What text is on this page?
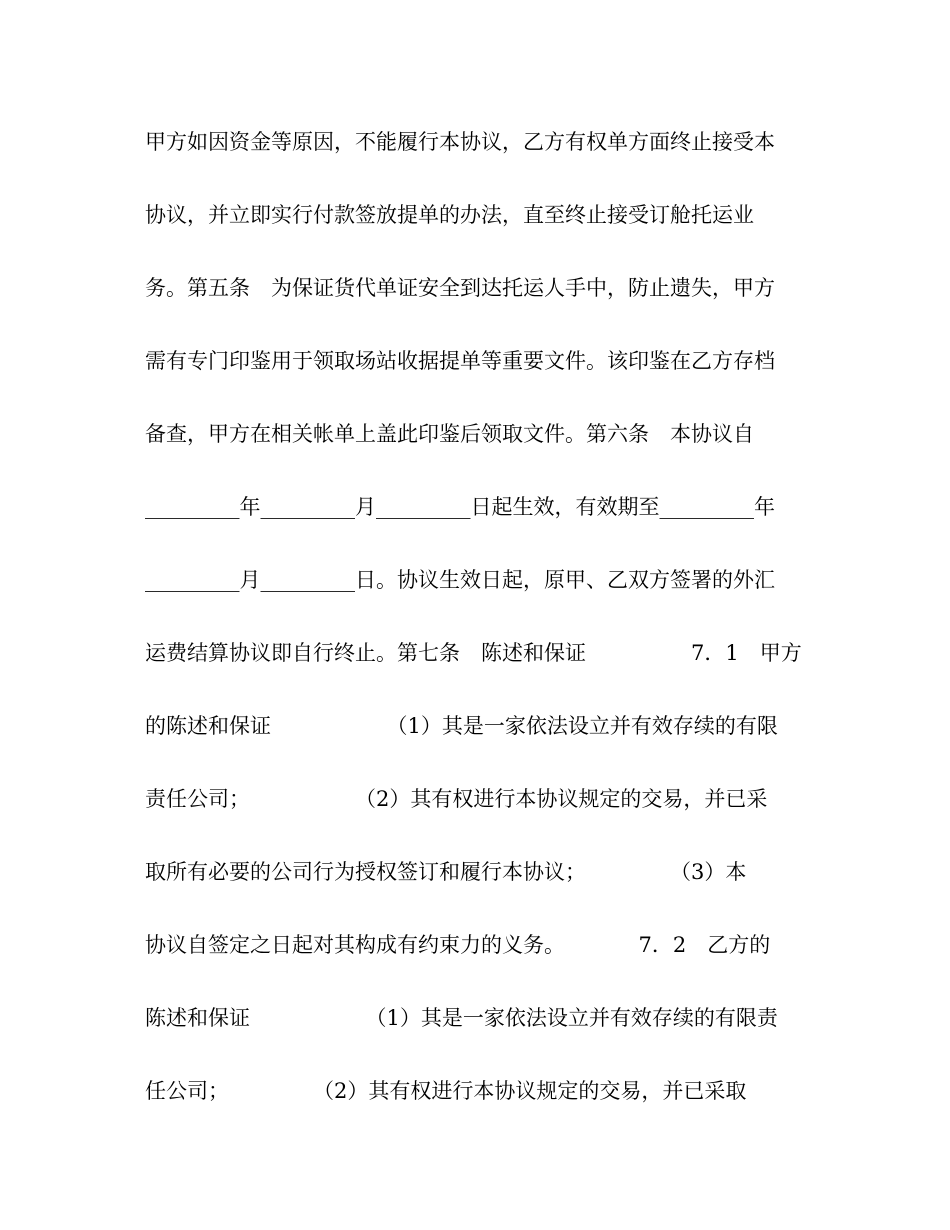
甲方如因资金等原因，不能履行本协议，乙方有权单方面终止接受本
协议，并立即实行付款签放提单的办法，直至终止接受订舱托运业
务。第五条　为保证货代单证安全到达托运人手中，防止遗失，甲方
需有专门印鉴用于领取场站收据提单等重要文件。该印鉴在乙方存档
备查，甲方在相关帐单上盖此印鉴后领取文件。第六条　本协议自
_________年_________月_________日起生效，有效期至_________年
_________月_________日。协议生效日起，原甲、乙双方签署的外汇
运费结算协议即自行终止。第七条　陈述和保证　　　　　7．1　甲方
的陈述和保证　　　　　　（1）其是一家依法设立并有效存续的有限
责任公司；　　　　　　（2）其有权进行本协议规定的交易，并已采
取所有必要的公司行为授权签订和履行本协议；　　　　　（3）本
协议自签定之日起对其构成有约束力的义务。　　　　7．2　乙方的
陈述和保证　　　　　　（1）其是一家依法设立并有效存续的有限责
任公司；　　　　　（2）其有权进行本协议规定的交易，并已采取
